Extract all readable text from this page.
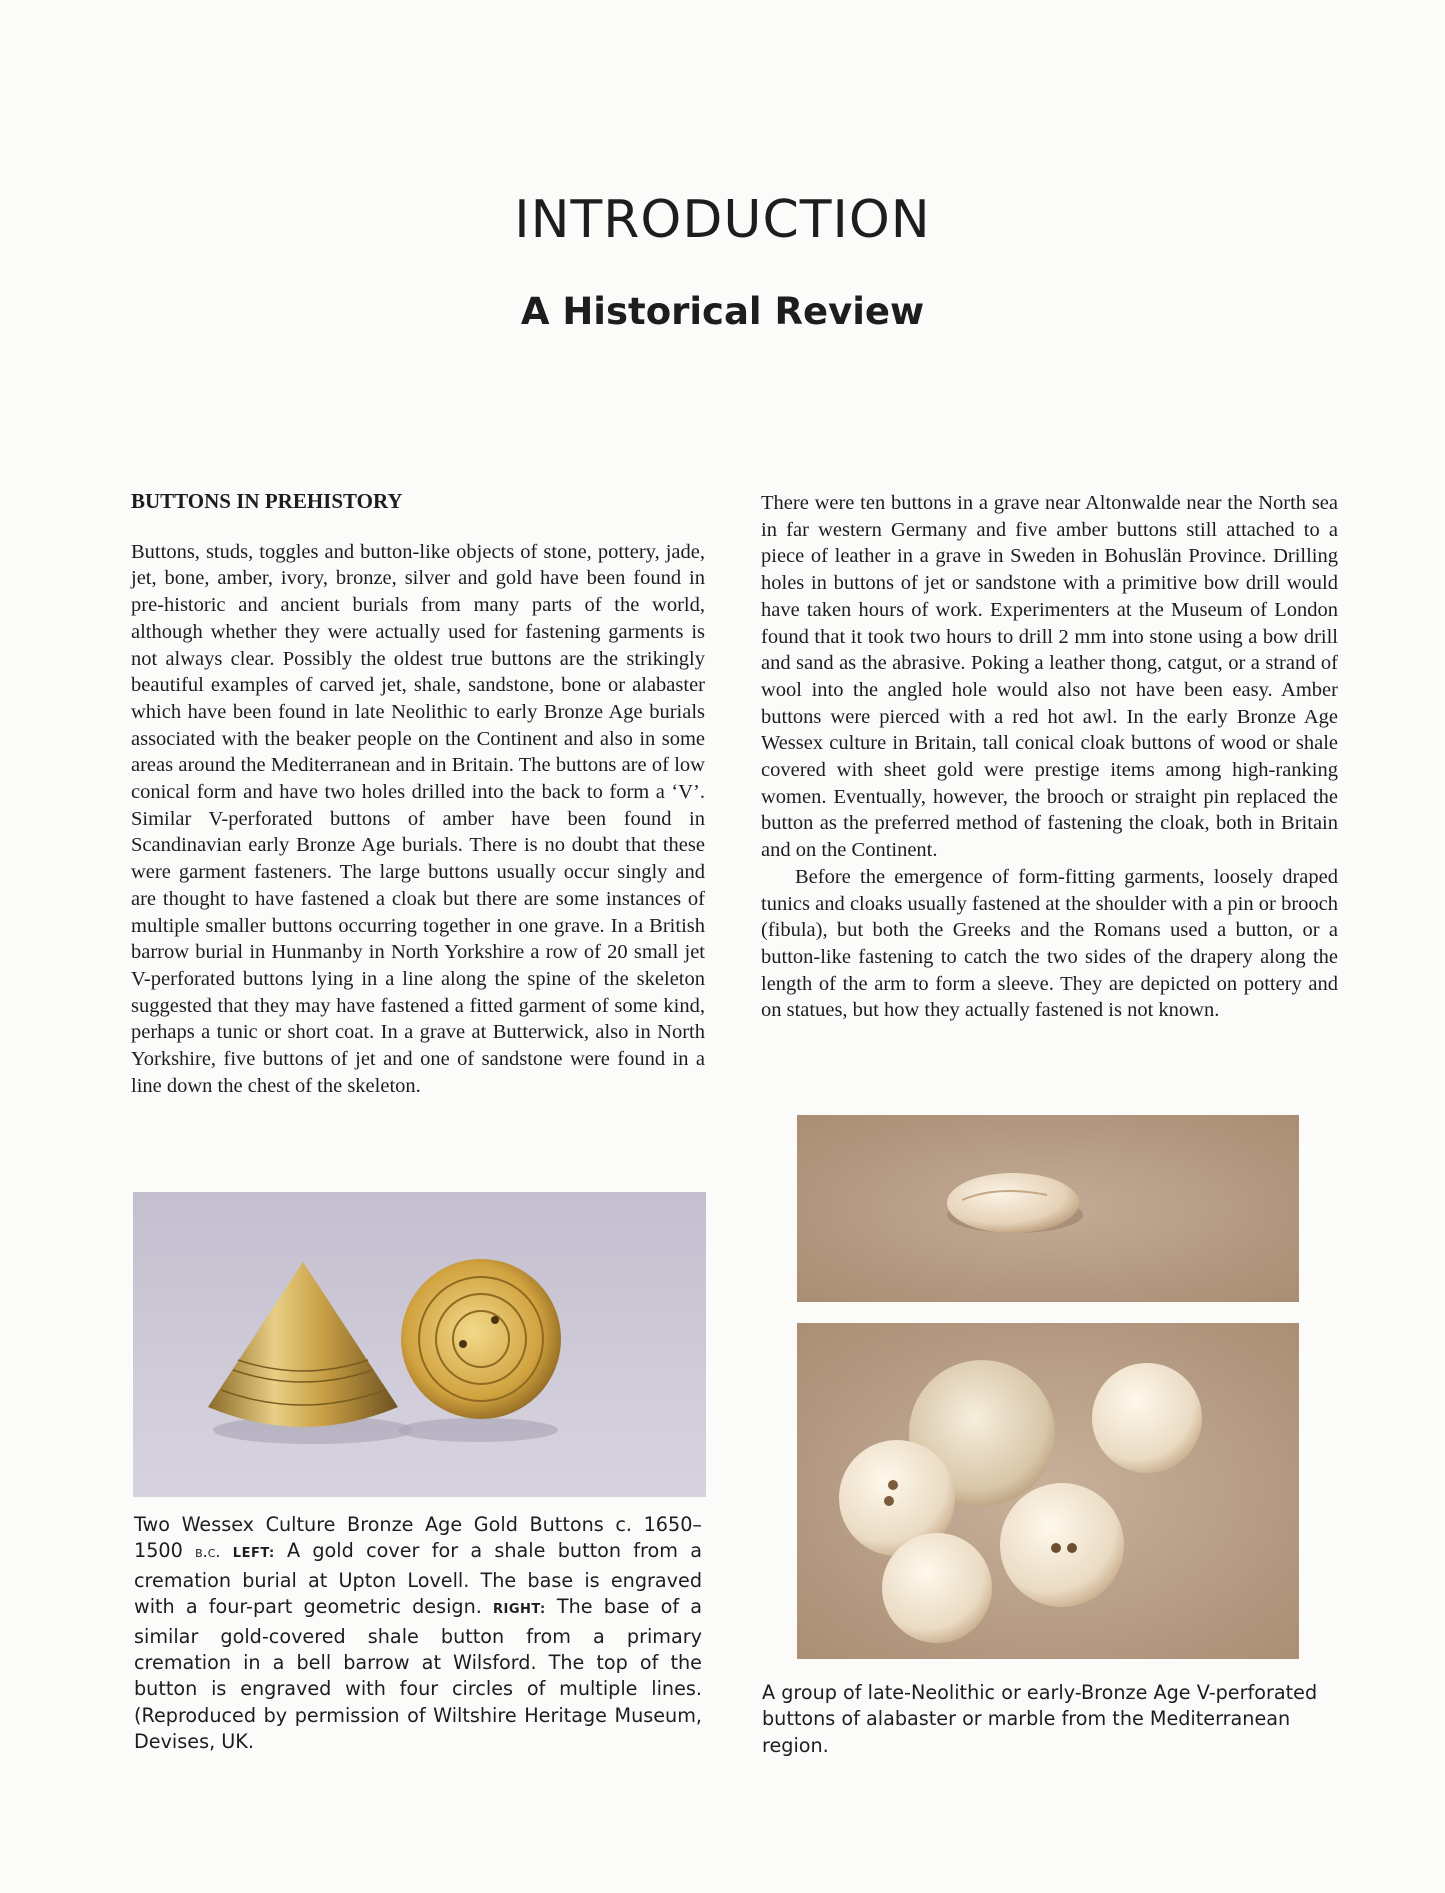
INTRODUCTION
A Historical Review
BUTTONS IN PREHISTORY

Buttons, studs, toggles and button-like objects of stone, pottery, jade, jet, bone, amber, ivory, bronze, silver and gold have been found in pre-historic and ancient burials from many parts of the world, although whether they were actually used for fastening garments is not always clear. Possibly the oldest true buttons are the strikingly beautiful examples of carved jet, shale, sandstone, bone or alabaster which have been found in late Neolithic to early Bronze Age burials associated with the beaker people on the Continent and also in some areas around the Mediterranean and in Britain. The buttons are of low conical form and have two holes drilled into the back to form a ‘V’. Similar V-perforated buttons of amber have been found in Scandinavian early Bronze Age burials. There is no doubt that these were garment fasteners. The large buttons usually occur singly and are thought to have fastened a cloak but there are some instances of multiple smaller buttons occurring together in one grave. In a British barrow burial in Hunmanby in North Yorkshire a row of 20 small jet V-perforated buttons lying in a line along the spine of the skeleton suggested that they may have fastened a fitted garment of some kind, perhaps a tunic or short coat. In a grave at Butterwick, also in North Yorkshire, five buttons of jet and one of sandstone were found in a line down the chest of the skeleton.

There were ten buttons in a grave near Altonwalde near the North sea in far western Germany and five amber buttons still attached to a piece of leather in a grave in Sweden in Bohuslän Province. Drilling holes in buttons of jet or sandstone with a primitive bow drill would have taken hours of work. Experimenters at the Museum of London found that it took two hours to drill 2 mm into stone using a bow drill and sand as the abrasive. Poking a leather thong, catgut, or a strand of wool into the angled hole would also not have been easy. Amber buttons were pierced with a red hot awl. In the early Bronze Age Wessex culture in Britain, tall conical cloak buttons of wood or shale covered with sheet gold were prestige items among high-ranking women. Eventually, however, the brooch or straight pin replaced the button as the preferred method of fastening the cloak, both in Britain and on the Continent.

Before the emergence of form-fitting garments, loosely draped tunics and cloaks usually fastened at the shoulder with a pin or brooch (fibula), but both the Greeks and the Romans used a button, or a button-like fastening to catch the two sides of the drapery along the length of the arm to form a sleeve. They are depicted on pottery and on statues, but how they actually fastened is not known.

Two Wessex Culture Bronze Age Gold Buttons c. 1650–1500 b.c. LEFT: A gold cover for a shale button from a cremation burial at Upton Lovell. The base is engraved with a four-part geometric design. RIGHT: The base of a similar gold-covered shale button from a primary cremation in a bell barrow at Wilsford. The top of the button is engraved with four circles of multiple lines. (Reproduced by permission of Wiltshire Heritage Museum, Devises, UK.
A group of late-Neolithic or early-Bronze Age V-perforated buttons of alabaster or marble from the Mediterranean region.
